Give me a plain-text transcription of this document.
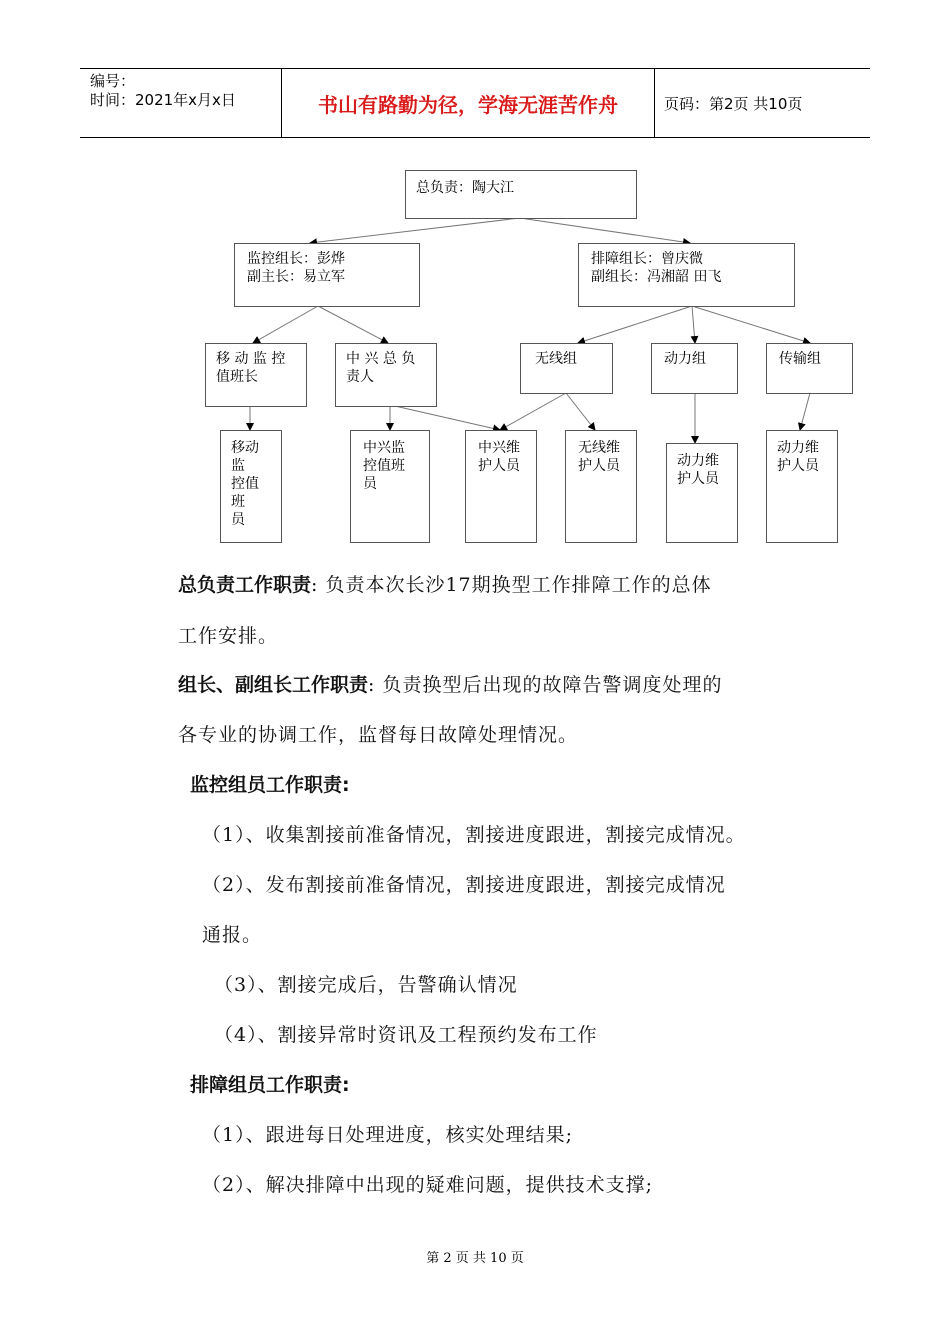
编号：
时间：2021年x月x日	书山有路勤为径，学海无涯苦作舟	页码：第2页 共10页
总负责：陶大江
监控组长：彭烨
副主长：易立军
排障组长：曾庆微
副组长：冯湘韶 田飞
移 动 监 控
值班长
中 兴 总 负
责人
无线组	动力组	传输组
移动监
控值班
员
中兴监
控值班
员
中兴维
护人员
无线维
护人员	动力维
护人员
动力维
护人员
总负责工作职责: 负责本次长沙17期换型工作排障工作的总体
工作安排。
组长、副组长工作职责: 负责换型后出现的故障告警调度处理的
各专业的协调工作，监督每日故障处理情况。
监控组员工作职责:
（1）、收集割接前准备情况，割接进度跟进，割接完成情况。
（2）、发布割接前准备情况，割接进度跟进，割接完成情况
通报。
（3）、割接完成后，告警确认情况
（4）、割接异常时资讯及工程预约发布工作
排障组员工作职责:
（1）、跟进每日处理进度，核实处理结果;
（2）、解决排障中出现的疑难问题，提供技术支撑;
第 2 页 共 10 页
